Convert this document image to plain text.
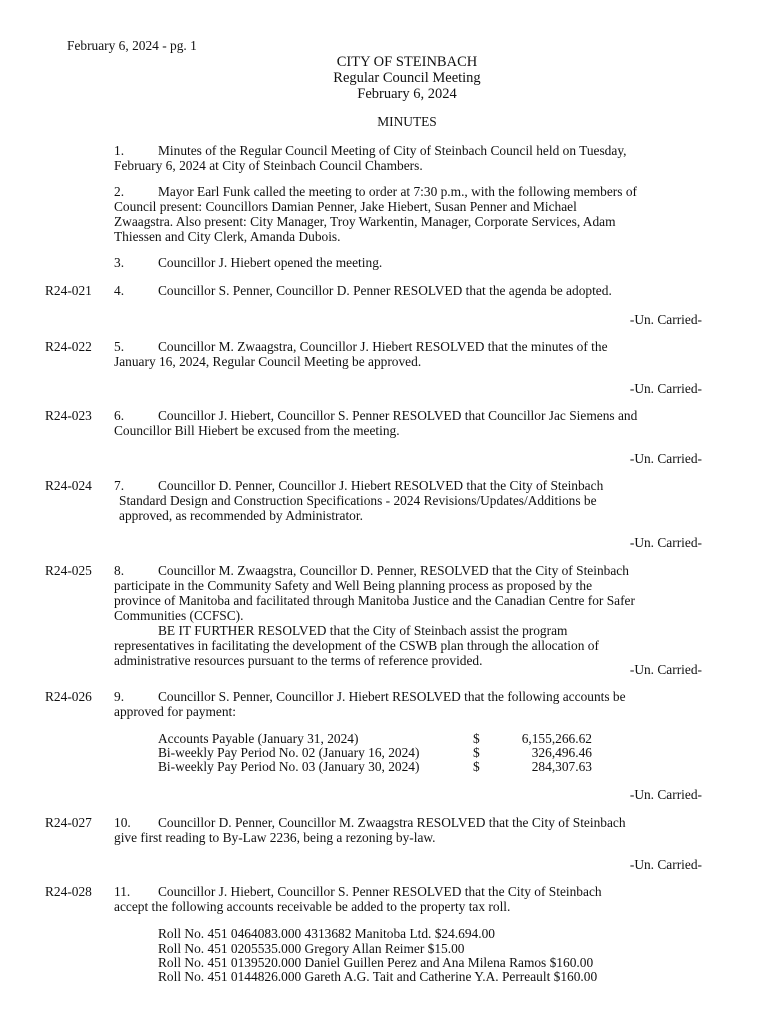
February 6, 2024 - pg. 1
CITY OF STEINBACH
Regular Council Meeting
February 6, 2024
MINUTES
1.	Minutes of the Regular Council Meeting of City of Steinbach Council held on Tuesday,
February 6, 2024 at City of Steinbach Council Chambers.
2.	Mayor Earl Funk called the meeting to order at 7:30 p.m., with the following members of
Council present: Councillors Damian Penner, Jake Hiebert, Susan Penner and Michael
Zwaagstra. Also present: City Manager, Troy Warkentin, Manager, Corporate Services, Adam
Thiessen and City Clerk, Amanda Dubois.
3.	Councillor J. Hiebert opened the meeting.
R24-021 4.	Councillor S. Penner, Councillor D. Penner RESOLVED that the agenda be adopted.
-Un. Carried-
R24-022 5.	Councillor M. Zwaagstra, Councillor J. Hiebert RESOLVED that the minutes of the
January 16, 2024, Regular Council Meeting be approved.
-Un. Carried-
R24-023 6.	Councillor J. Hiebert, Councillor S. Penner RESOLVED that Councillor Jac Siemens and
Councillor Bill Hiebert be excused from the meeting.
-Un. Carried-
R24-024 7.	Councillor D. Penner, Councillor J. Hiebert RESOLVED that the City of Steinbach
Standard Design and Construction Specifications - 2024 Revisions/Updates/Additions be
approved, as recommended by Administrator.
-Un. Carried-
R24-025 8.	Councillor M. Zwaagstra, Councillor D. Penner, RESOLVED that the City of Steinbach
participate in the Community Safety and Well Being planning process as proposed by the
province of Manitoba and facilitated through Manitoba Justice and the Canadian Centre for Safer
Communities (CCFSC).
BE IT FURTHER RESOLVED that the City of Steinbach assist the program
representatives in facilitating the development of the CSWB plan through the allocation of
administrative resources pursuant to the terms of reference provided.
-Un. Carried-
R24-026 9.	Councillor S. Penner, Councillor J. Hiebert RESOLVED that the following accounts be
approved for payment:
Accounts Payable (January 31, 2024)	$	6,155,266.62
Bi-weekly Pay Period No. 02 (January 16, 2024)	$	326,496.46
Bi-weekly Pay Period No. 03 (January 30, 2024)	$	284,307.63
-Un. Carried-
R24-027 10. Councillor D. Penner, Councillor M. Zwaagstra RESOLVED that the City of Steinbach
give first reading to By-Law 2236, being a rezoning by-law.
-Un. Carried-
R24-028 11. Councillor J. Hiebert, Councillor S. Penner RESOLVED that the City of Steinbach
accept the following accounts receivable be added to the property tax roll.
Roll No. 451 0464083.000 4313682 Manitoba Ltd. $24.694.00
Roll No. 451 0205535.000 Gregory Allan Reimer $15.00
Roll No. 451 0139520.000 Daniel Guillen Perez and Ana Milena Ramos $160.00
Roll No. 451 0144826.000 Gareth A.G. Tait and Catherine Y.A. Perreault $160.00
